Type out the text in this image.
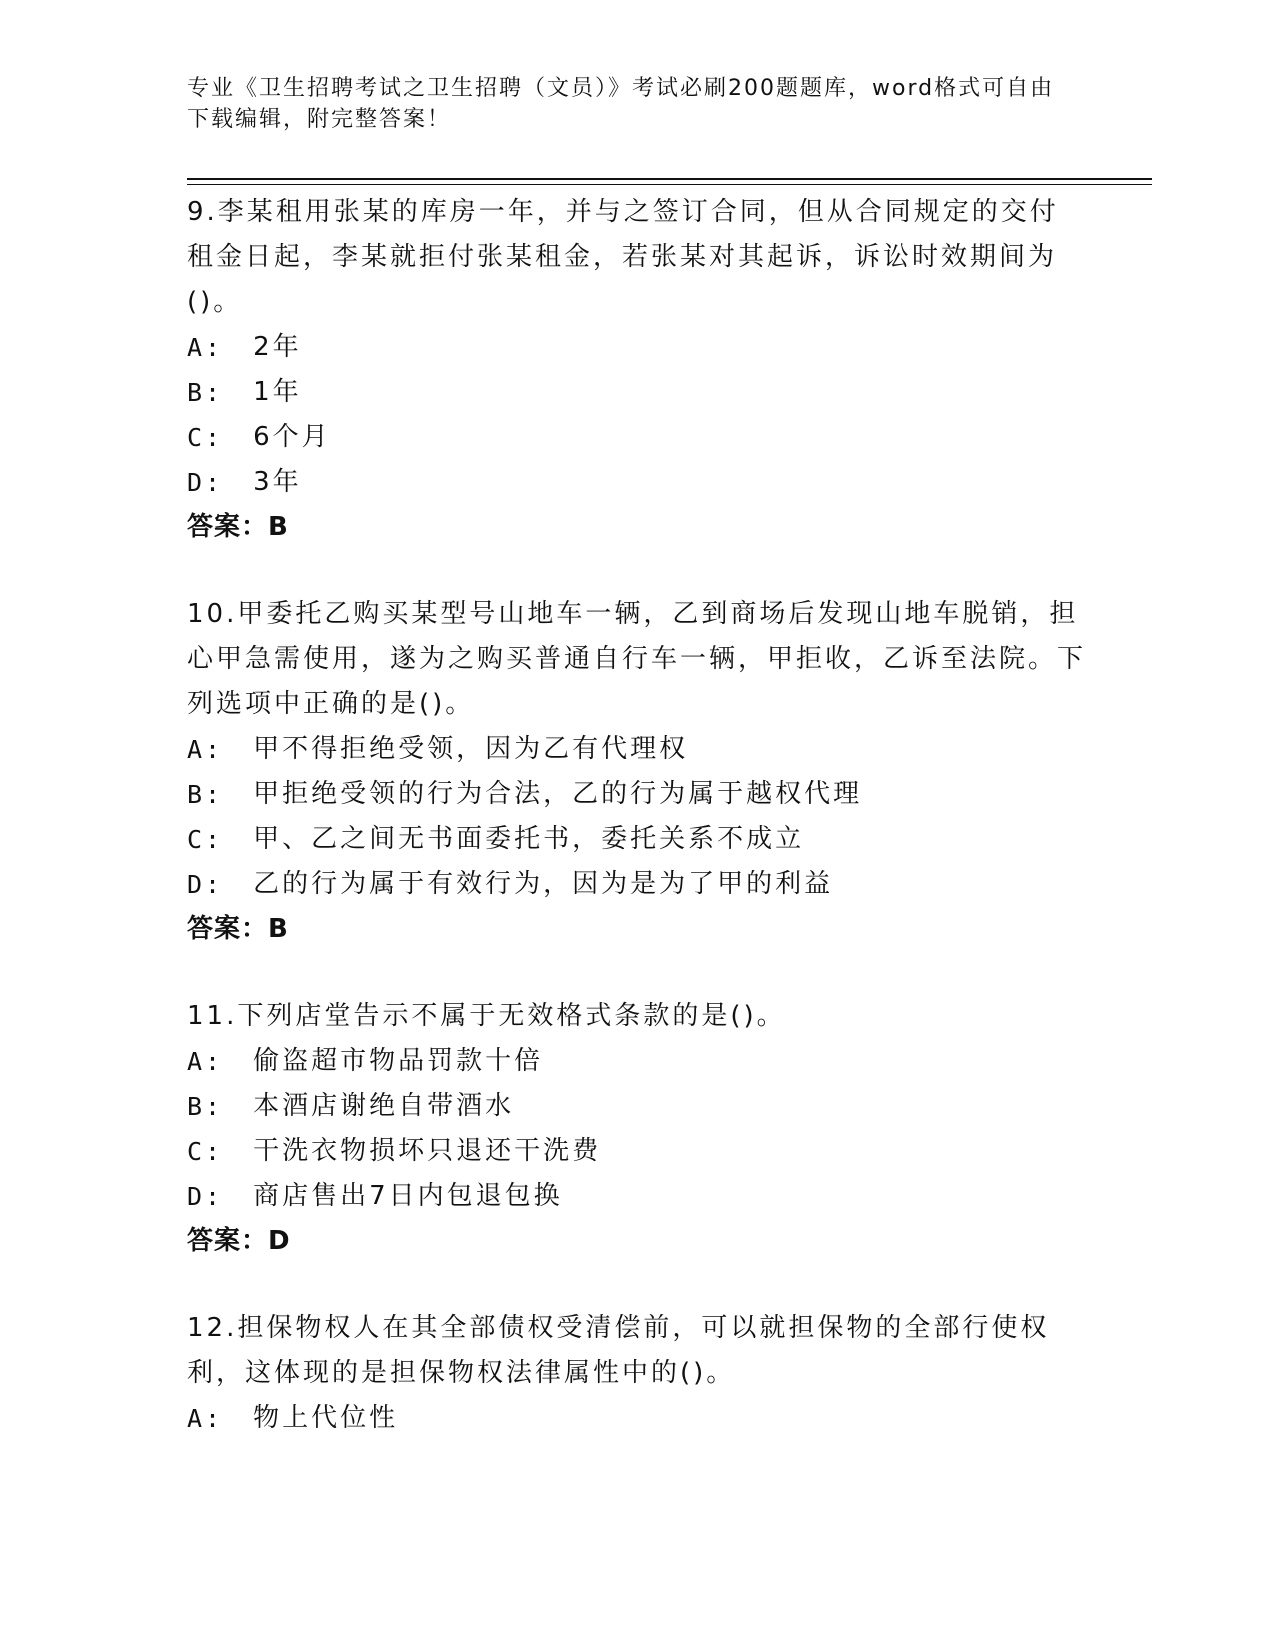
专业《卫生招聘考试之卫生招聘（文员）》考试必刷200题题库，word格式可自由下载编辑，附完整答案！

9.李某租用张某的库房一年，并与之签订合同，但从合同规定的交付租金日起，李某就拒付张某租金，若张某对其起诉，诉讼时效期间为()。

A: 2年
B: 1年
C: 6个月
D: 3年
答案：B

10.甲委托乙购买某型号山地车一辆，乙到商场后发现山地车脱销，担心甲急需使用，遂为之购买普通自行车一辆，甲拒收，乙诉至法院。下列选项中正确的是()。

A: 甲不得拒绝受领，因为乙有代理权
B: 甲拒绝受领的行为合法，乙的行为属于越权代理
C: 甲、乙之间无书面委托书，委托关系不成立
D: 乙的行为属于有效行为，因为是为了甲的利益
答案：B

11.下列店堂告示不属于无效格式条款的是()。

A: 偷盗超市物品罚款十倍
B: 本酒店谢绝自带酒水
C: 干洗衣物损坏只退还干洗费
D: 商店售出7日内包退包换
答案：D

12.担保物权人在其全部债权受清偿前，可以就担保物的全部行使权利，这体现的是担保物权法律属性中的()。

A: 物上代位性
